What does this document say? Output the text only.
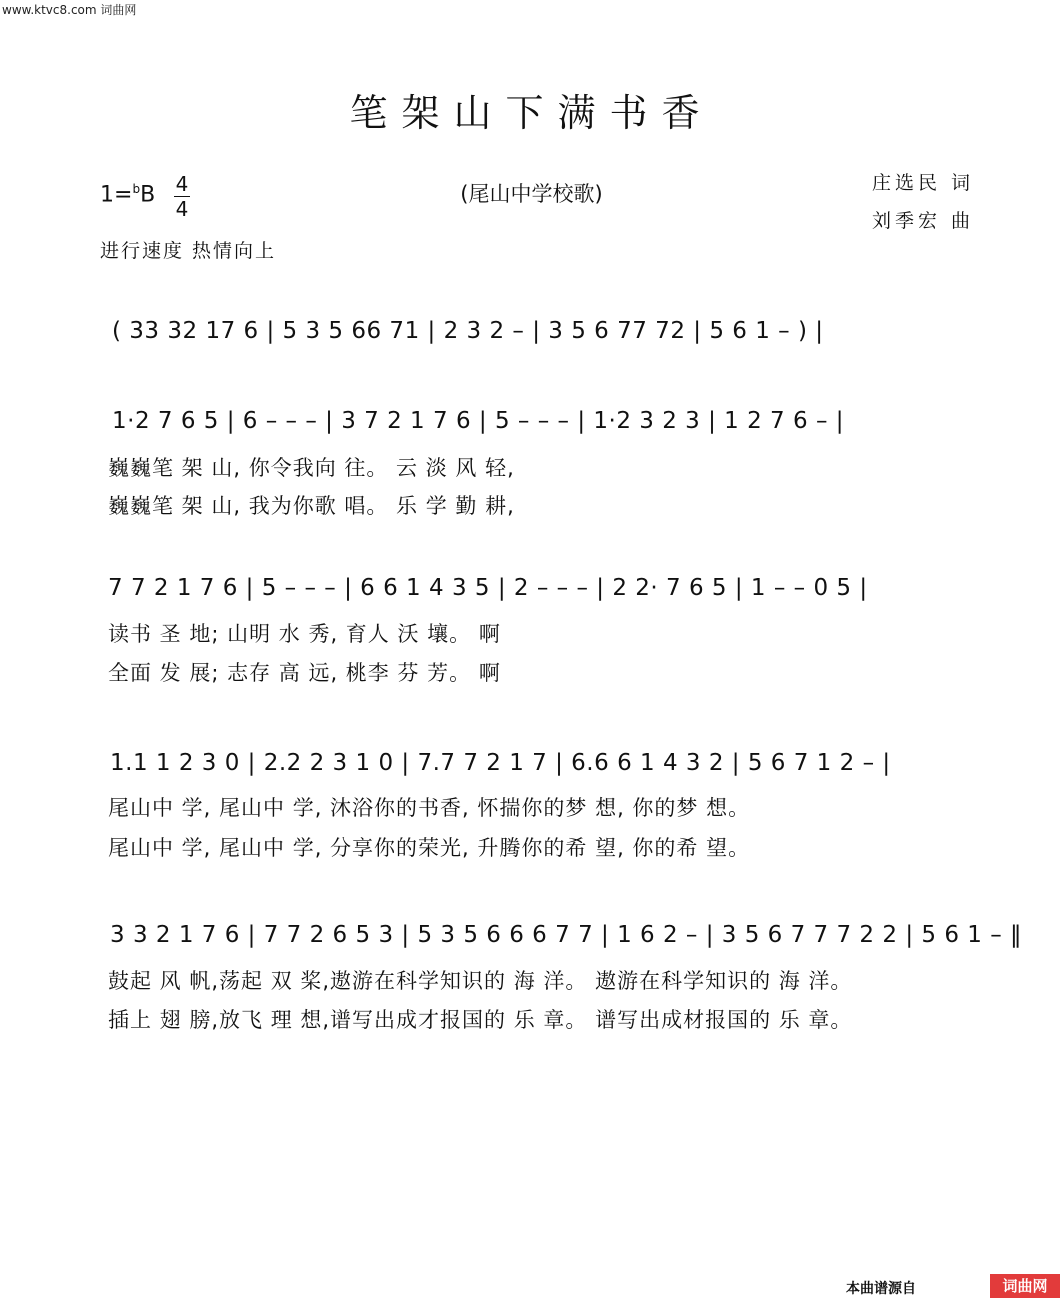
www.ktvc8.com 词曲网
笔架山下满书香
1=$^b$B 4
4
(尾山中学校歌)	庄选民 词
刘季宏 曲
进行速度 热情向上
( 33 32 17 6 | 5 3 5 66 71 | 2 3 2 – | 3 5 6 77 72 | 5 6 1 – ) |
1·2 7 6 5 | 6 – – – | 3 7 2 1 7 6 | 5 – – – | 1·2 3 2 3 | 1 2 7 6 – |
巍巍笔 架 山, 你令我向 往。 云 淡 风 轻,
巍巍笔 架 山, 我为你歌 唱。 乐 学 勤 耕,
7 7 2 1 7 6 | 5 – – – | 6 6 1 4 3 5 | 2 – – – | 2 2· 7 6 5 | 1 – – 0 5 |
读书 圣 地; 山明 水 秀, 育人 沃 壤。 啊
全面 发 展; 志存 高 远, 桃李 芬 芳。 啊
1.1 1 2 3 0 | 2.2 2 3 1 0 | 7.7 7 2 1 7 | 6.6 6 1 4 3 2 | 5 6 7 1 2 – |
尾山中 学, 尾山中 学, 沐浴你的书香, 怀揣你的梦 想, 你的梦 想。
尾山中 学, 尾山中 学, 分享你的荣光, 升腾你的希 望, 你的希 望。
3 3 2 1 7 6 | 7 7 2 6 5 3 | 5 3 5 6 6 6 7 7 | 1 6 2 – | 3 5 6 7 7 7 2 2 | 5 6 1 – ‖
鼓起 风 帆,荡起 双 桨,遨游在科学知识的 海 洋。 遨游在科学知识的 海 洋。
插上 翅 膀,放飞 理 想,谱写出成才报国的 乐 章。 谱写出成材报国的 乐 章。
本曲谱源自	词曲网
